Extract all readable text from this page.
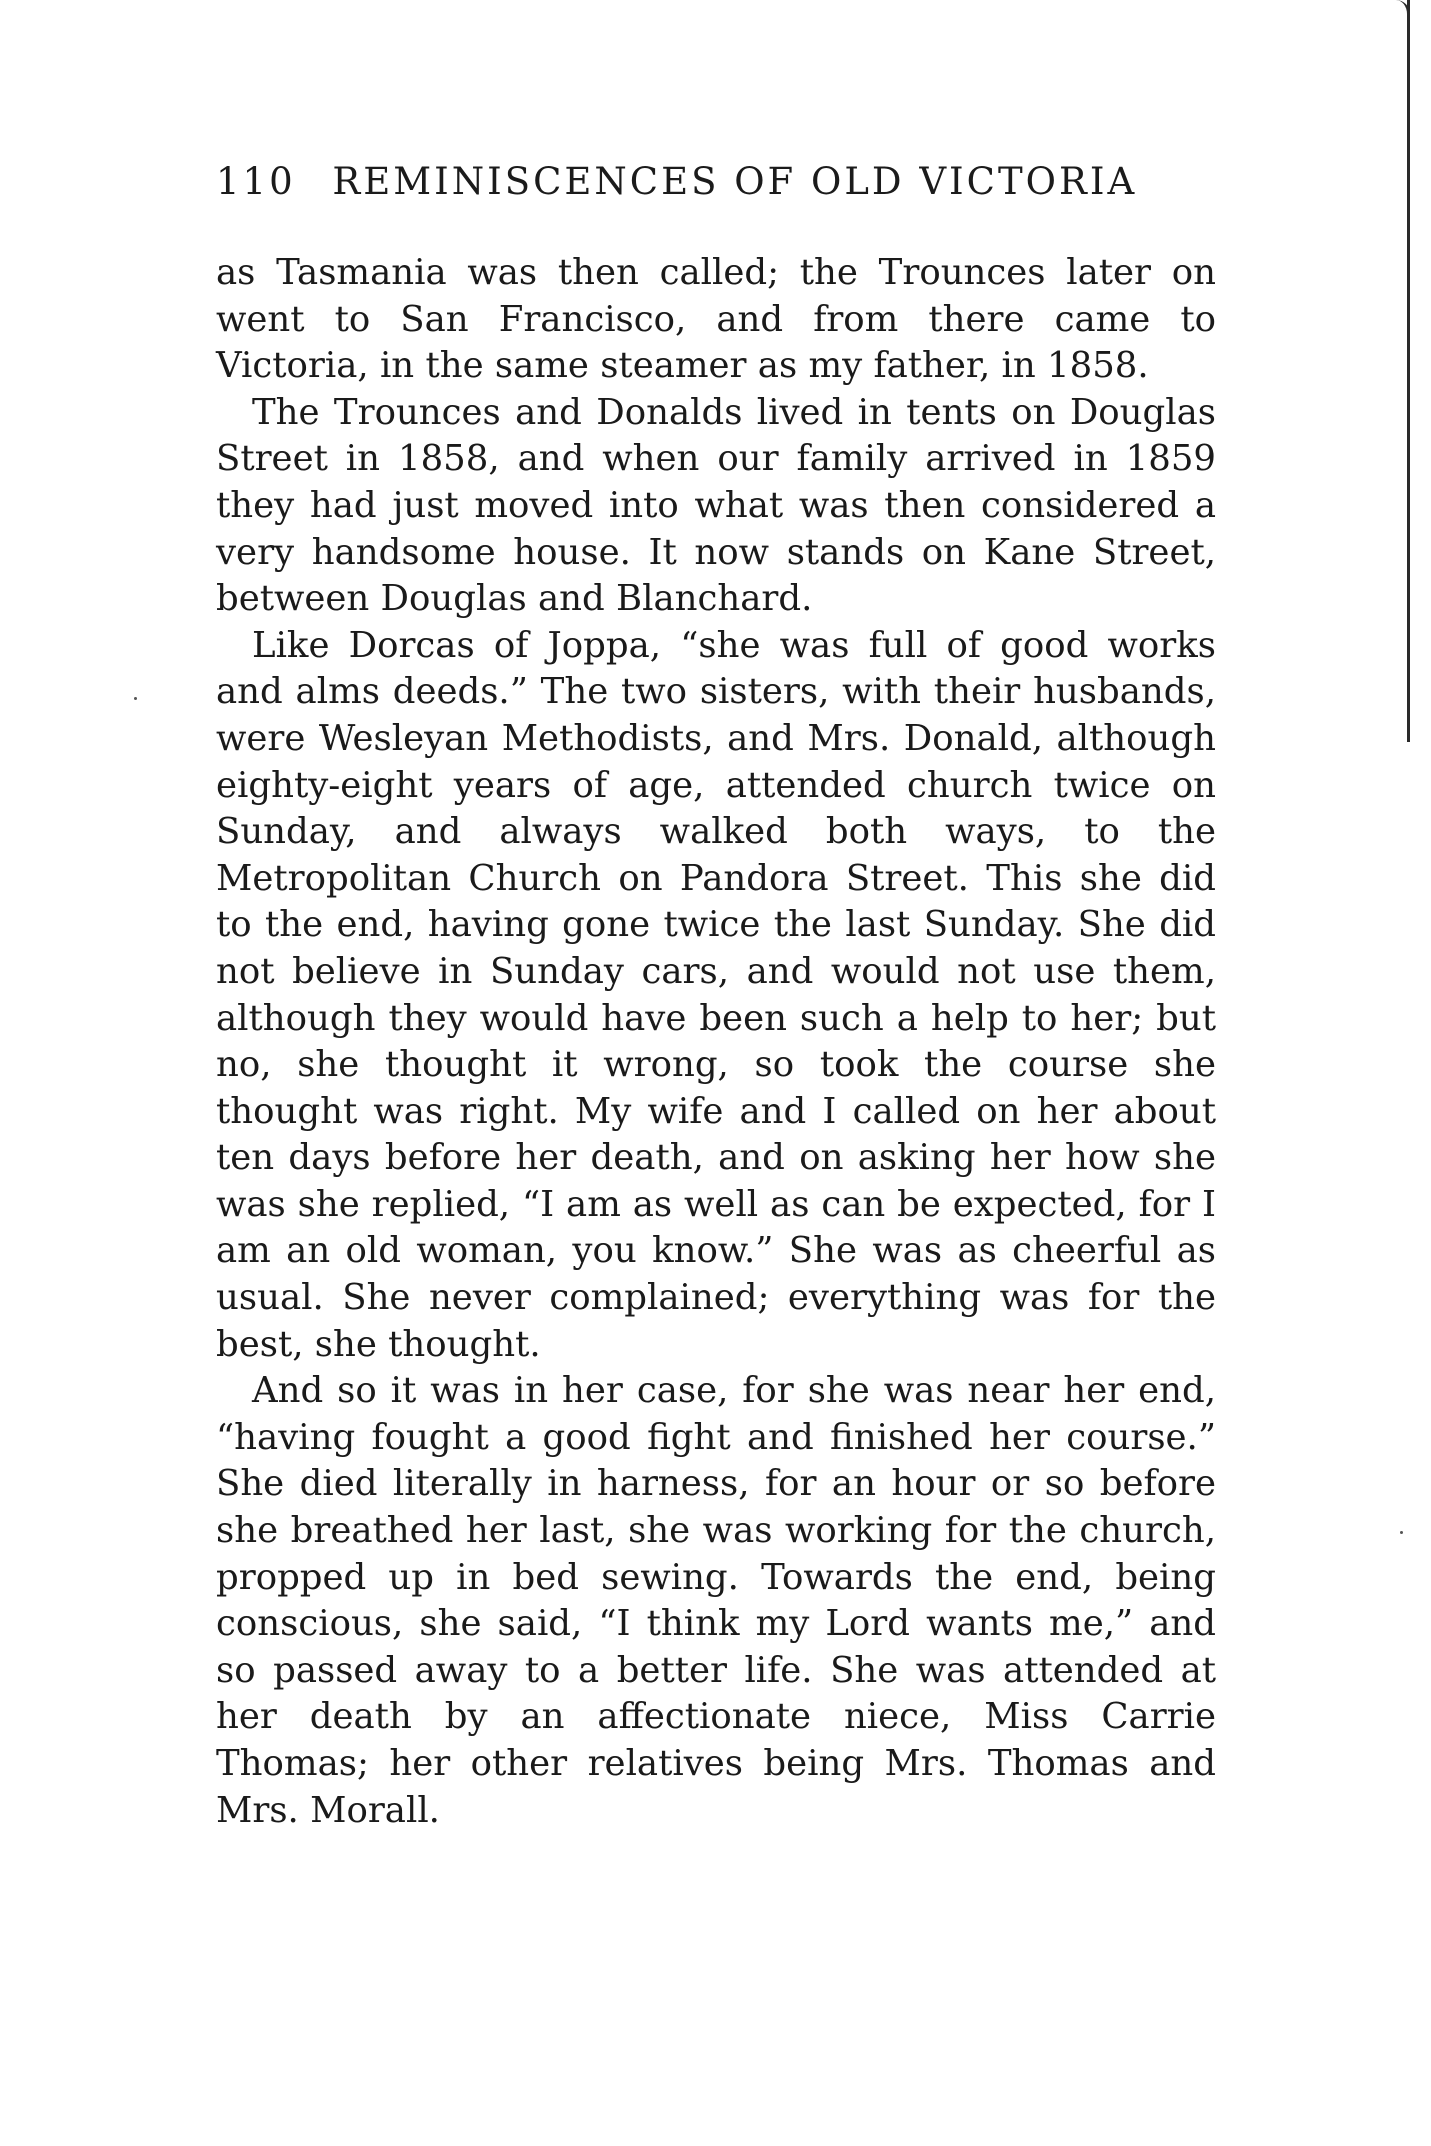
110 REMINISCENCES OF OLD VICTORIA

as Tasmania was then called; the Trounces later on went to San Francisco, and from there came to Victoria, in the same steamer as my father, in 1858.

The Trounces and Donalds lived in tents on Douglas Street in 1858, and when our family arrived in 1859 they had just moved into what was then considered a very handsome house. It now stands on Kane Street, between Douglas and Blanchard.

Like Dorcas of Joppa, “she was full of good works and alms deeds.” The two sisters, with their husbands, were Wesleyan Methodists, and Mrs. Donald, although eighty-eight years of age, attended church twice on Sunday, and always walked both ways, to the Metropolitan Church on Pandora Street. This she did to the end, having gone twice the last Sunday. She did not believe in Sunday cars, and would not use them, although they would have been such a help to her; but no, she thought it wrong, so took the course she thought was right. My wife and I called on her about ten days before her death, and on asking her how she was she replied, “I am as well as can be expected, for I am an old woman, you know.” She was as cheerful as usual. She never complained; everything was for the best, she thought.

And so it was in her case, for she was near her end, “having fought a good fight and finished her course.” She died literally in harness, for an hour or so before she breathed her last, she was working for the church, propped up in bed sewing. Towards the end, being conscious, she said, “I think my Lord wants me,” and so passed away to a better life. She was attended at her death by an affectionate niece, Miss Carrie Thomas; her other relatives being Mrs. Thomas and Mrs. Morall.
